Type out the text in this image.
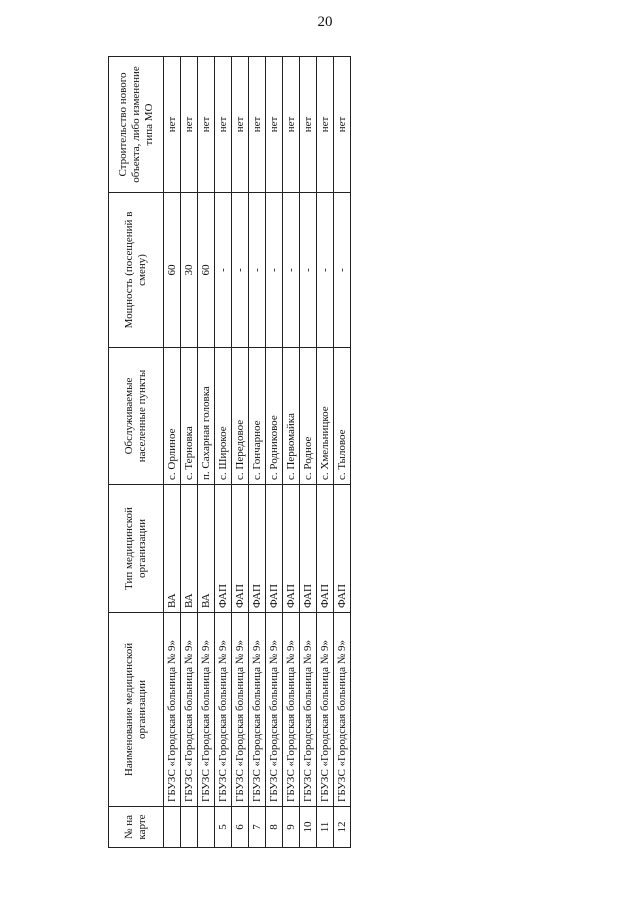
20
№ на карте	Наименование медицинской организации	Тип медицинской организации	Обслуживаемые населенные пункты	Мощность (посещений в смену)	Строительство нового объекта, либо изменение типа МО
	ГБУЗС «Городская больница № 9»	ВА	с. Орлиное	60	нет
	ГБУЗС «Городская больница № 9»	ВА	с. Терновка	30	нет
	ГБУЗС «Городская больница № 9»	ВА	п. Сахарная головка	60	нет
5	ГБУЗС «Городская больница № 9»	ФАП	с. Широкое	-	нет
6	ГБУЗС «Городская больница № 9»	ФАП	с. Передовое	-	нет
7	ГБУЗС «Городская больница № 9»	ФАП	с. Гончарное	-	нет
8	ГБУЗС «Городская больница № 9»	ФАП	с. Родниковое	-	нет
9	ГБУЗС «Городская больница № 9»	ФАП	с. Первомайка	-	нет
10	ГБУЗС «Городская больница № 9»	ФАП	с. Родное	-	нет
11	ГБУЗС «Городская больница № 9»	ФАП	с. Хмельницкое	-	нет
12	ГБУЗС «Городская больница № 9»	ФАП	с. Тыловое	-	нет
